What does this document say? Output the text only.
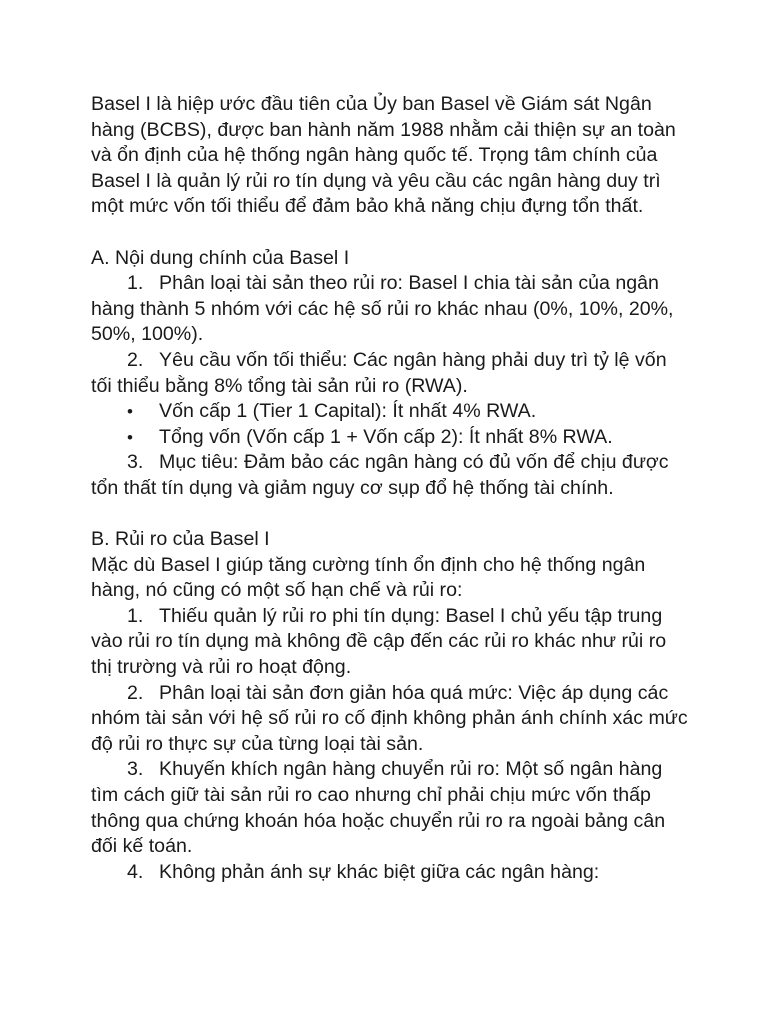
Basel I là hiệp ước đầu tiên của Ủy ban Basel về Giám sát Ngân hàng (BCBS), được ban hành năm 1988 nhằm cải thiện sự an toàn và ổn định của hệ thống ngân hàng quốc tế. Trọng tâm chính của Basel I là quản lý rủi ro tín dụng và yêu cầu các ngân hàng duy trì một mức vốn tối thiểu để đảm bảo khả năng chịu đựng tổn thất.

A. Nội dung chính của Basel I

1. Phân loại tài sản theo rủi ro: Basel I chia tài sản của ngân hàng thành 5 nhóm với các hệ số rủi ro khác nhau (0%, 10%, 20%, 50%, 100%).

2. Yêu cầu vốn tối thiểu: Các ngân hàng phải duy trì tỷ lệ vốn tối thiểu bằng 8% tổng tài sản rủi ro (RWA).

• Vốn cấp 1 (Tier 1 Capital): Ít nhất 4% RWA.

• Tổng vốn (Vốn cấp 1 + Vốn cấp 2): Ít nhất 8% RWA.

3. Mục tiêu: Đảm bảo các ngân hàng có đủ vốn để chịu được tổn thất tín dụng và giảm nguy cơ sụp đổ hệ thống tài chính.

B. Rủi ro của Basel I

Mặc dù Basel I giúp tăng cường tính ổn định cho hệ thống ngân hàng, nó cũng có một số hạn chế và rủi ro:

1. Thiếu quản lý rủi ro phi tín dụng: Basel I chủ yếu tập trung vào rủi ro tín dụng mà không đề cập đến các rủi ro khác như rủi ro thị trường và rủi ro hoạt động.

2. Phân loại tài sản đơn giản hóa quá mức: Việc áp dụng các nhóm tài sản với hệ số rủi ro cố định không phản ánh chính xác mức độ rủi ro thực sự của từng loại tài sản.

3. Khuyến khích ngân hàng chuyển rủi ro: Một số ngân hàng tìm cách giữ tài sản rủi ro cao nhưng chỉ phải chịu mức vốn thấp thông qua chứng khoán hóa hoặc chuyển rủi ro ra ngoài bảng cân đối kế toán.

4. Không phản ánh sự khác biệt giữa các ngân hàng:
